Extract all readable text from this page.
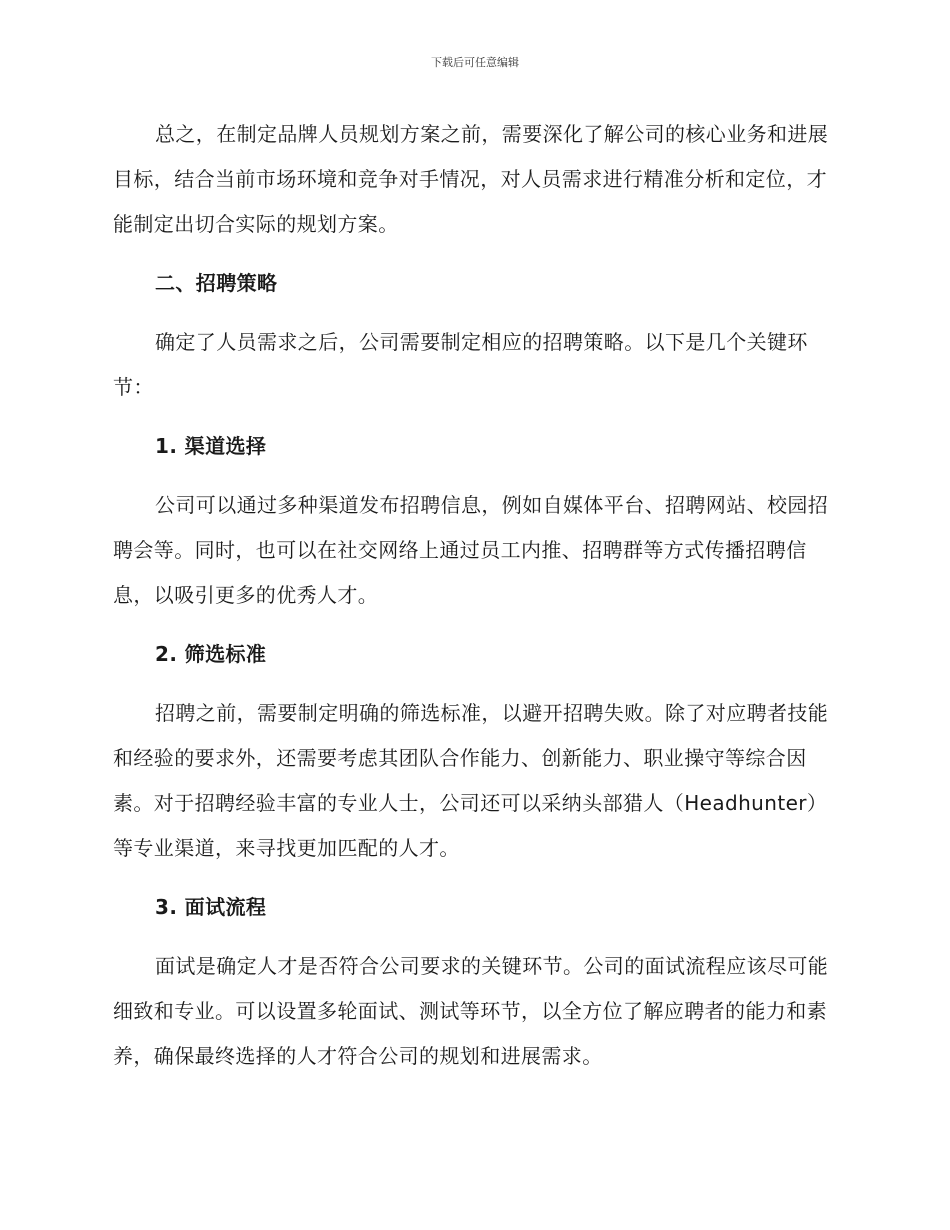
下载后可任意编辑

总之，在制定品牌人员规划方案之前，需要深化了解公司的核心业务和进展目标，结合当前市场环境和竞争对手情况，对人员需求进行精准分析和定位，才能制定出切合实际的规划方案。

二、招聘策略

确定了人员需求之后，公司需要制定相应的招聘策略。以下是几个关键环节：

1. 渠道选择

公司可以通过多种渠道发布招聘信息，例如自媒体平台、招聘网站、校园招聘会等。同时，也可以在社交网络上通过员工内推、招聘群等方式传播招聘信息，以吸引更多的优秀人才。

2. 筛选标准

招聘之前，需要制定明确的筛选标准，以避开招聘失败。除了对应聘者技能和经验的要求外，还需要考虑其团队合作能力、创新能力、职业操守等综合因素。对于招聘经验丰富的专业人士，公司还可以采纳头部猎人（Headhunter）等专业渠道，来寻找更加匹配的人才。

3. 面试流程

面试是确定人才是否符合公司要求的关键环节。公司的面试流程应该尽可能细致和专业。可以设置多轮面试、测试等环节，以全方位了解应聘者的能力和素养，确保最终选择的人才符合公司的规划和进展需求。
